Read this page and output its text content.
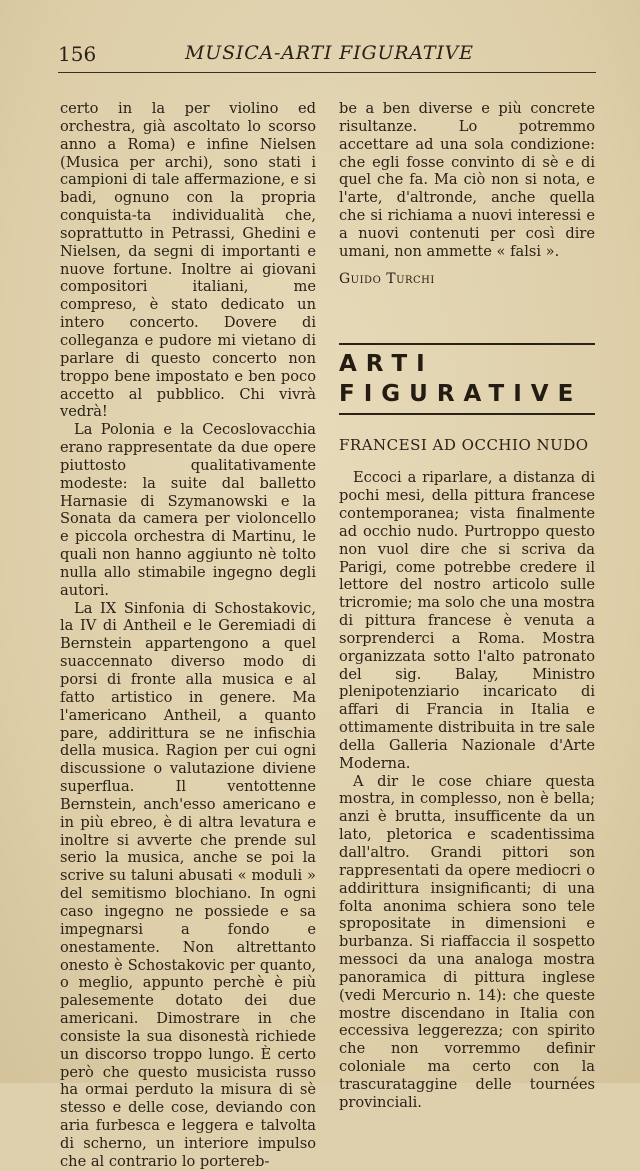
156	MUSICA-ARTI FIGURATIVE

certo in la per violino ed orchestra, già ascoltato lo scorso anno a Roma) e infine Nielsen (Musica per archi), sono stati i campioni di tale affermazione, e si badi, ognuno con la propria conquista-ta individualità che, soprattutto in Petrassi, Ghedini e Nielsen, da segni di importanti e nuove fortune. Inoltre ai giovani compositori italiani, me compreso, è stato dedicato un intero concerto. Dovere di colleganza e pudore mi vietano di parlare di questo concerto non troppo bene impostato e ben poco accetto al pubblico. Chi vivrà vedrà!

La Polonia e la Cecoslovacchia erano rappresentate da due opere piuttosto qualitativamente modeste: la suite dal balletto Harnasie di Szymanowski e la Sonata da camera per violoncello e piccola orchestra di Martinu, le quali non hanno aggiunto nè tolto nulla allo stimabile ingegno degli autori.

La IX Sinfonia di Schostakovic, la IV di Antheil e le Geremiadi di Bernstein appartengono a quel suaccennato diverso modo di porsi di fronte alla musica e al fatto artistico in genere. Ma l'americano Antheil, a quanto pare, addirittura se ne infischia della musica. Ragion per cui ogni discussione o valutazione diviene superflua. Il ventottenne Bernstein, anch'esso americano e in più ebreo, è di altra levatura e inoltre si avverte che prende sul serio la musica, anche se poi la scrive su taluni abusati « moduli » del semitismo blochiano. In ogni caso ingegno ne possiede e sa impegnarsi a fondo e onestamente. Non altrettanto onesto è Schostakovic per quanto, o meglio, appunto perchè è più palesemente dotato dei due americani. Dimostrare in che consiste la sua disonestà richiede un discorso troppo lungo. È certo però che questo musicista russo ha ormai perduto la misura di sè stesso e delle cose, deviando con aria furbesca e leggera e talvolta di scherno, un interiore impulso che al contrario lo portereb-

be a ben diverse e più concrete risultanze. Lo potremmo accettare ad una sola condizione: che egli fosse convinto di sè e di quel che fa. Ma ciò non si nota, e l'arte, d'altronde, anche quella che si richiama a nuovi interessi e a nuovi contenuti per così dire umani, non ammette « falsi ».

Guido Turchi

ARTI
FIGURATIVE

FRANCESI AD OCCHIO NUDO

Eccoci a riparlare, a distanza di pochi mesi, della pittura francese contemporanea; vista finalmente ad occhio nudo. Purtroppo questo non vuol dire che si scriva da Parigi, come potrebbe credere il lettore del nostro articolo sulle tricromie; ma solo che una mostra di pittura francese è venuta a sorprenderci a Roma. Mostra organizzata sotto l'alto patronato del sig. Balay, Ministro plenipotenziario incaricato di affari di Francia in Italia e ottimamente distribuita in tre sale della Galleria Nazionale d'Arte Moderna.

A dir le cose chiare questa mostra, in complesso, non è bella; anzi è brutta, insufficente da un lato, pletorica e scadentissima dall'altro. Grandi pittori son rappresentati da opere mediocri o addirittura insignificanti; di una folta anonima schiera sono tele spropositate in dimensioni e burbanza. Si riaffaccia il sospetto messoci da una analoga mostra panoramica di pittura inglese (vedi Mercurio n. 14): che queste mostre discendano in Italia con eccessiva leggerezza; con spirito che non vorremmo definir coloniale ma certo con la trascurataggine delle tournées provinciali.
